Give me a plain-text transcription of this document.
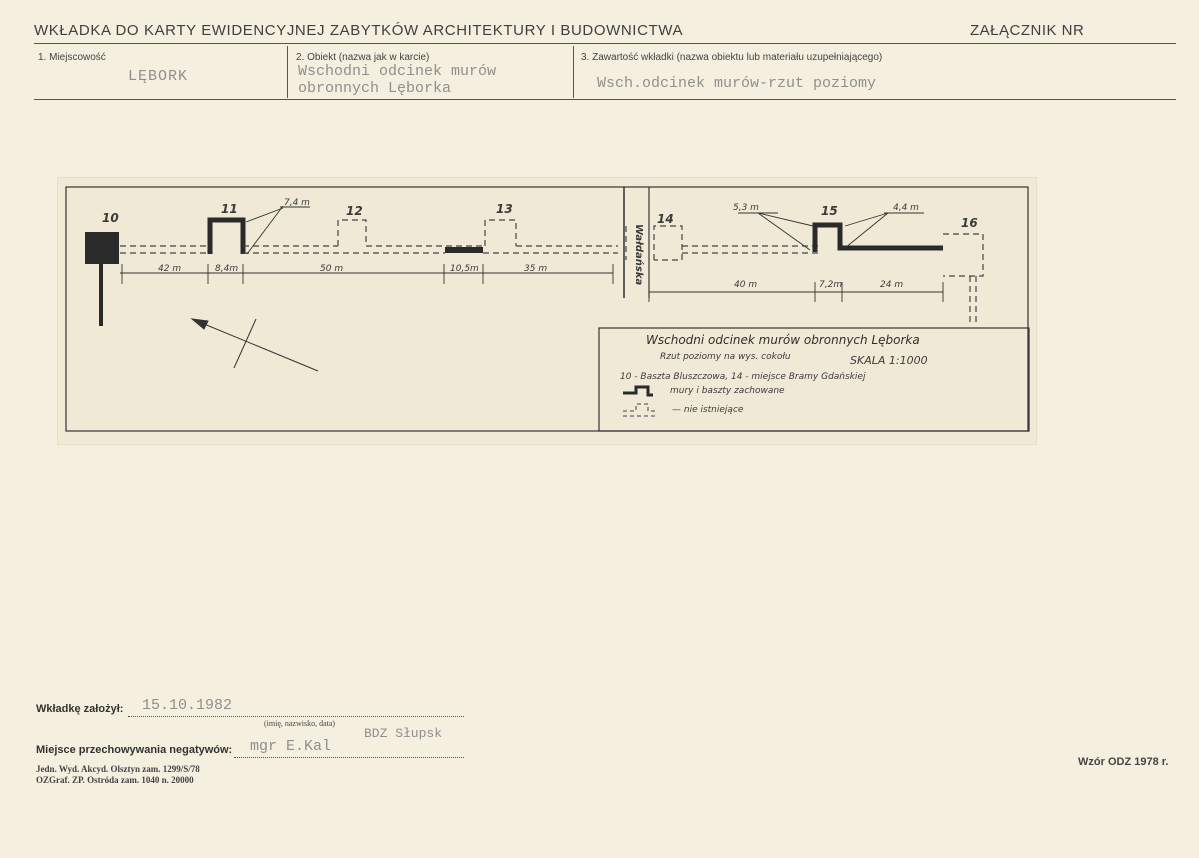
WKŁADKA DO KARTY EWIDENCYJNEJ ZABYTKÓW ARCHITEKTURY I BUDOWNICTWA	ZAŁĄCZNIK NR
1. Miejscowość
LĘBORK
2. Obiekt (nazwa jak w karcie)
Wschodni odcinek murów
obronnych Lęborka
3. Zawartość wkładki (nazwa obiektu lub materiału uzupełniającego)
Wsch.odcinek murów-rzut poziomy
10
11	12	13
14
15
16
7,4 m
42 m	8,4m	50 m	10,5m	35 m
5,3 m	4,4 m
40 m	7,2m	24 m
Wałdańska
Wschodni odcinek murów obronnych Lęborka
Rzut poziomy na wys. cokołu	SKALA 1:1000
10 - Baszta Bluszczowa, 14 - miejsce Bramy Gdańskiej
mury i baszty zachowane
— nie istniejące
Wkładkę założył: 15.10.1982
(imię, nazwisko, data)
BDZ Słupsk
Miejsce przechowywania negatywów: mgr E.Kal
Jedn. Wyd. Akcyd. Olsztyn zam. 1299/S/78
OZGraf. ZP. Ostróda zam. 1040 n. 20000
Wzór ODZ 1978 r.
